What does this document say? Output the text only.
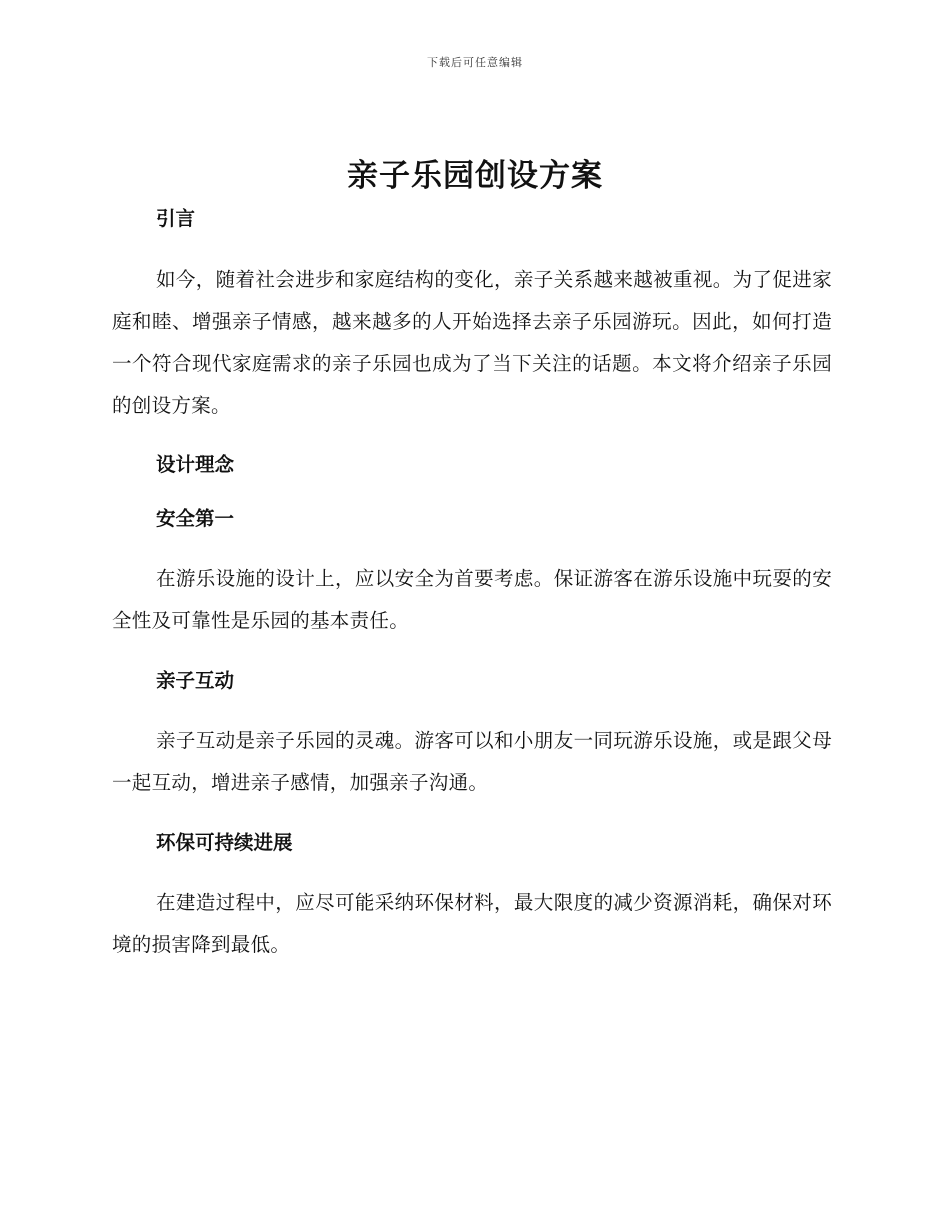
下载后可任意编辑
亲子乐园创设方案
引言

如今，随着社会进步和家庭结构的变化，亲子关系越来越被重视。为了促进家庭和睦、增强亲子情感，越来越多的人开始选择去亲子乐园游玩。因此，如何打造一个符合现代家庭需求的亲子乐园也成为了当下关注的话题。本文将介绍亲子乐园的创设方案。

设计理念
安全第一

在游乐设施的设计上，应以安全为首要考虑。保证游客在游乐设施中玩耍的安全性及可靠性是乐园的基本责任。

亲子互动

亲子互动是亲子乐园的灵魂。游客可以和小朋友一同玩游乐设施，或是跟父母一起互动，增进亲子感情，加强亲子沟通。

环保可持续进展

在建造过程中，应尽可能采纳环保材料，最大限度的减少资源消耗，确保对环境的损害降到最低。
